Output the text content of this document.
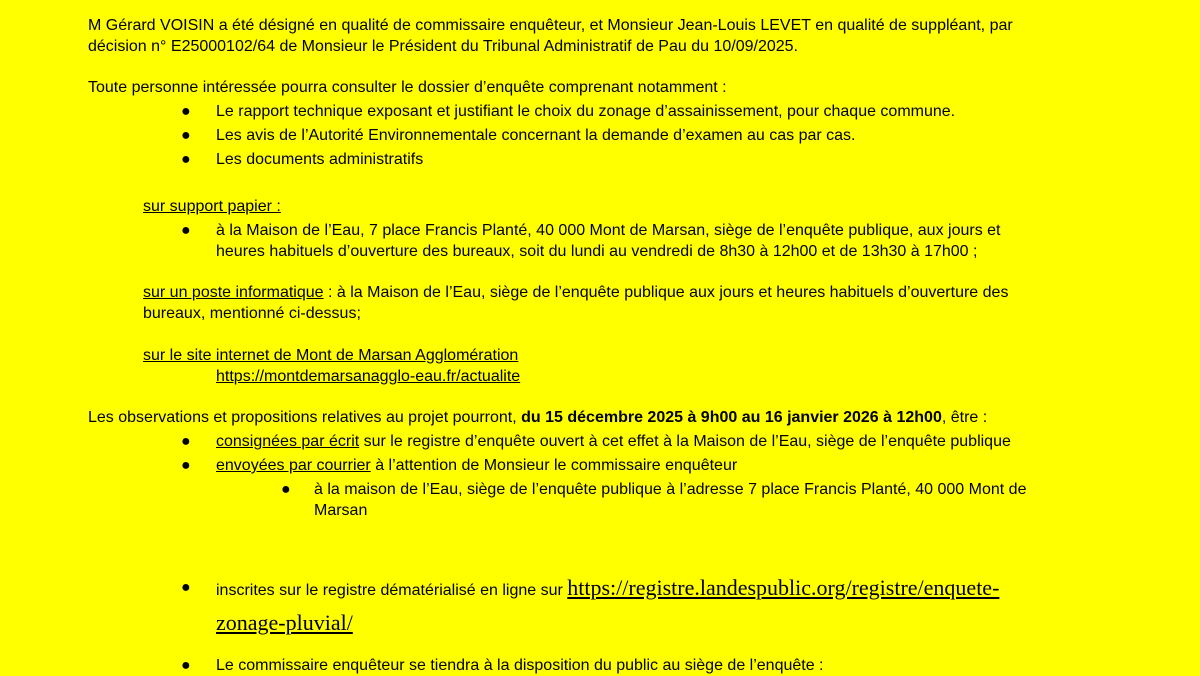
M Gérard VOISIN a été désigné en qualité de commissaire enquêteur, et Monsieur Jean-Louis LEVET en qualité de suppléant, par
décision n° E25000102/64 de Monsieur le Président du Tribunal Administratif de Pau du 10/09/2025.

Toute personne intéressée pourra consulter le dossier d’enquête comprenant notamment :

● Le rapport technique exposant et justifiant le choix du zonage d’assainissement, pour chaque commune.
● Les avis de l’Autorité Environnementale concernant la demande d’examen au cas par cas.
● Les documents administratifs

sur support papier :

● à la Maison de l’Eau, 7 place Francis Planté, 40 000 Mont de Marsan, siège de l’enquête publique, aux jours et
heures habituels d’ouverture des bureaux, soit du lundi au vendredi de 8h30 à 12h00 et de 13h30 à 17h00 ;

sur un poste informatique : à la Maison de l’Eau, siège de l’enquête publique aux jours et heures habituels d’ouverture des
bureaux, mentionné ci-dessus;

sur le site internet de Mont de Marsan Agglomération

https://montdemarsanagglo-eau.fr/actualite

Les observations et propositions relatives au projet pourront, du 15 décembre 2025 à 9h00 au 16 janvier 2026 à 12h00, être :

● consignées par écrit sur le registre d’enquête ouvert à cet effet à la Maison de l’Eau, siège de l’enquête publique
● envoyées par courrier à l’attention de Monsieur le commissaire enquêteur
● à la maison de l’Eau, siège de l’enquête publique à l’adresse 7 place Francis Planté, 40 000 Mont de
Marsan
● inscrites sur le registre dématérialisé en ligne sur https://registre.landespublic.org/registre/enquete-
zonage-pluvial/
● Le commissaire enquêteur se tiendra à la disposition du public au siège de l’enquête :
